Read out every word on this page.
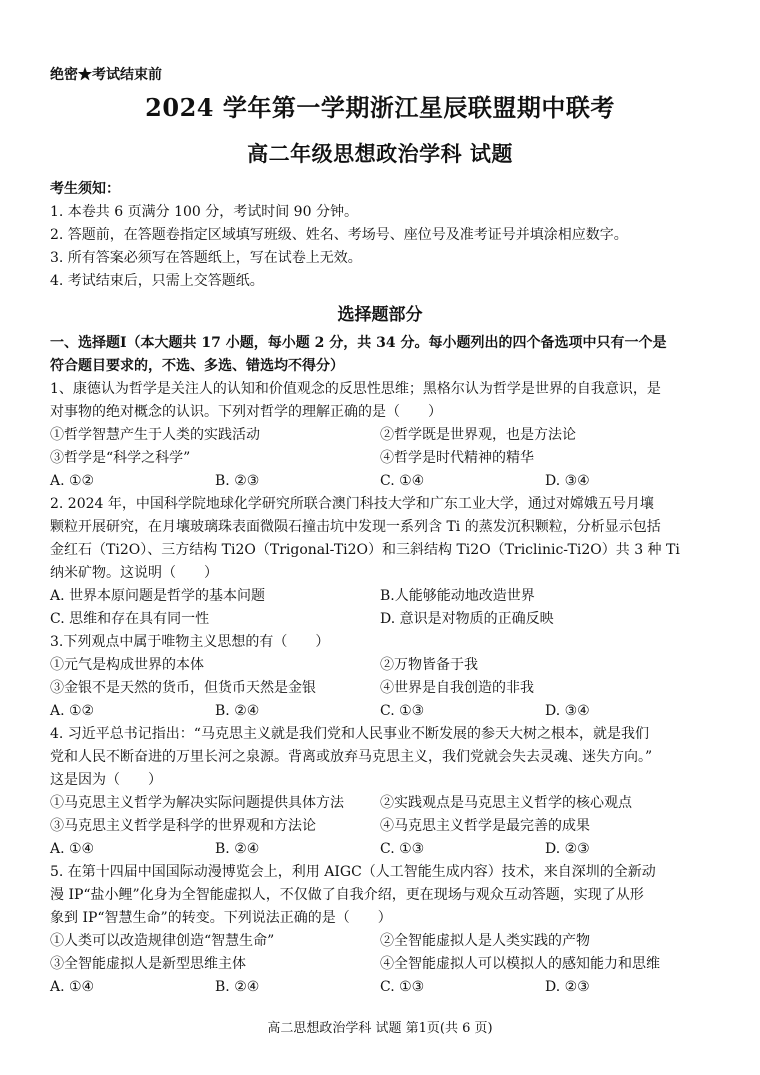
绝密★考试结束前
2024 学年第一学期浙江星辰联盟期中联考
高二年级思想政治学科 试题
考生须知：
1. 本卷共 6 页满分 100 分，考试时间 90 分钟。
2. 答题前，在答题卷指定区域填写班级、姓名、考场号、座位号及准考证号并填涂相应数字。
3. 所有答案必须写在答题纸上，写在试卷上无效。
4. 考试结束后，只需上交答题纸。
选择题部分
一、选择题Ⅰ（本大题共 17 小题，每小题 2 分，共 34 分。每小题列出的四个备选项中只有一个是
符合题目要求的，不选、多选、错选均不得分）
1、康德认为哲学是关注人的认知和价值观念的反思性思维；黑格尔认为哲学是世界的自我意识，是
对事物的绝对概念的认识。下列对哲学的理解正确的是（　　）
①哲学智慧产生于人类的实践活动	②哲学既是世界观，也是方法论
③哲学是“科学之科学”	④哲学是时代精神的精华
A. ①②	B. ②③	C. ①④	D. ③④
2. 2024 年，中国科学院地球化学研究所联合澳门科技大学和广东工业大学，通过对嫦娥五号月壤
颗粒开展研究，在月壤玻璃珠表面微陨石撞击坑中发现一系列含 Ti 的蒸发沉积颗粒，分析显示包括
金红石（Ti2O）、三方结构 Ti2O（Trigonal-Ti2O）和三斜结构 Ti2O（Triclinic-Ti2O）共 3 种 Ti
纳米矿物。这说明（　　）
A. 世界本原问题是哲学的基本问题	B.人能够能动地改造世界
C. 思维和存在具有同一性	D. 意识是对物质的正确反映
3.下列观点中属于唯物主义思想的有（　　）
①元气是构成世界的本体	②万物皆备于我
③金银不是天然的货币，但货币天然是金银	④世界是自我创造的非我
A. ①②	B. ②④	C. ①③	D. ③④
4. 习近平总书记指出：“马克思主义就是我们党和人民事业不断发展的参天大树之根本，就是我们
党和人民不断奋进的万里长河之泉源。背离或放弃马克思主义，我们党就会失去灵魂、迷失方向。”
这是因为（　　）
①马克思主义哲学为解决实际问题提供具体方法	②实践观点是马克思主义哲学的核心观点
③马克思主义哲学是科学的世界观和方法论	④马克思主义哲学是最完善的成果
A. ①④	B. ②④	C. ①③	D. ②③
5. 在第十四届中国国际动漫博览会上，利用 AIGC（人工智能生成内容）技术，来自深圳的全新动
漫 IP“盐小鲤”化身为全智能虚拟人，不仅做了自我介绍，更在现场与观众互动答题，实现了从形
象到 IP“智慧生命”的转变。下列说法正确的是（　　）
①人类可以改造规律创造“智慧生命”	②全智能虚拟人是人类实践的产物
③全智能虚拟人是新型思维主体	④全智能虚拟人可以模拟人的感知能力和思维
A. ①④	B. ②④	C. ①③	D. ②③
高二思想政治学科 试题 第1页(共 6 页)
